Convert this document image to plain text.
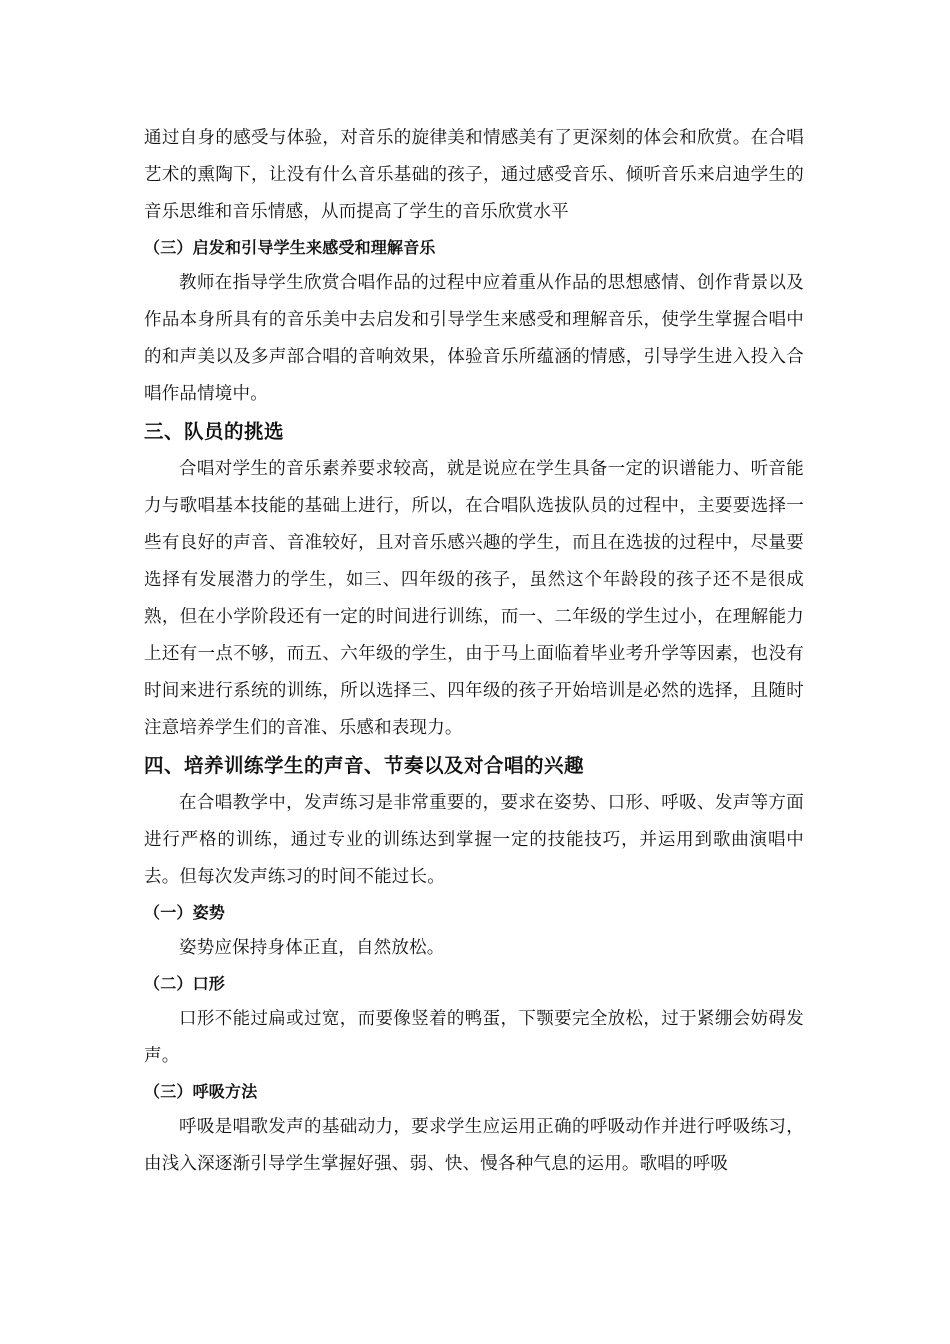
通过自身的感受与体验，对音乐的旋律美和情感美有了更深刻的体会和欣赏。在合唱艺术的熏陶下，让没有什么音乐基础的孩子，通过感受音乐、倾听音乐来启迪学生的音乐思维和音乐情感，从而提高了学生的音乐欣赏水平

（三）启发和引导学生来感受和理解音乐

教师在指导学生欣赏合唱作品的过程中应着重从作品的思想感情、创作背景以及作品本身所具有的音乐美中去启发和引导学生来感受和理解音乐，使学生掌握合唱中的和声美以及多声部合唱的音响效果，体验音乐所蕴涵的情感，引导学生进入投入合唱作品情境中。

三、队员的挑选

合唱对学生的音乐素养要求较高，就是说应在学生具备一定的识谱能力、听音能力与歌唱基本技能的基础上进行，所以，在合唱队选拔队员的过程中，主要要选择一些有良好的声音、音准较好，且对音乐感兴趣的学生，而且在选拔的过程中，尽量要选择有发展潜力的学生，如三、四年级的孩子，虽然这个年龄段的孩子还不是很成熟，但在小学阶段还有一定的时间进行训练，而一、二年级的学生过小，在理解能力上还有一点不够，而五、六年级的学生，由于马上面临着毕业考升学等因素，也没有时间来进行系统的训练，所以选择三、四年级的孩子开始培训是必然的选择，且随时注意培养学生们的音准、乐感和表现力。

四、培养训练学生的声音、节奏以及对合唱的兴趣

在合唱教学中，发声练习是非常重要的，要求在姿势、口形、呼吸、发声等方面进行严格的训练，通过专业的训练达到掌握一定的技能技巧，并运用到歌曲演唱中去。但每次发声练习的时间不能过长。

（一）姿势

姿势应保持身体正直，自然放松。

（二）口形

口形不能过扁或过宽，而要像竖着的鸭蛋，下颚要完全放松，过于紧绷会妨碍发声。

（三）呼吸方法

呼吸是唱歌发声的基础动力，要求学生应运用正确的呼吸动作并进行呼吸练习，由浅入深逐渐引导学生掌握好强、弱、快、慢各种气息的运用。歌唱的呼吸
